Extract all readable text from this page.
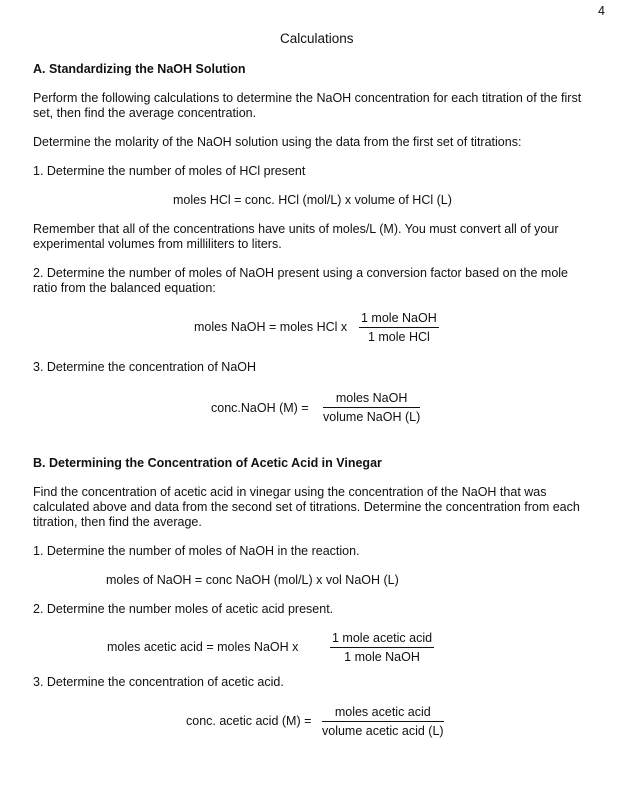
4
Calculations
A. Standardizing the NaOH Solution
Perform the following calculations to determine the NaOH concentration for each titration of the first set, then find the average concentration.
Determine the molarity of the NaOH solution using the data from the first set of titrations:
1. Determine the number of moles of HCl present
moles HCl = conc. HCl (mol/L) x volume of HCl (L)
Remember that all of the concentrations have units of moles/L (M). You must convert all of your experimental volumes from milliliters to liters.
2. Determine the number of moles of NaOH present using a conversion factor based on the mole ratio from the balanced equation:
moles NaOH = moles HCl x
1 mole NaOH
1 mole HCl
3. Determine the concentration of NaOH
conc.NaOH (M) =
moles NaOH
volume NaOH (L)
B. Determining the Concentration of Acetic Acid in Vinegar
Find the concentration of acetic acid in vinegar using the concentration of the NaOH that was calculated above and data from the second set of titrations. Determine the concentration from each titration, then find the average.
1. Determine the number of moles of NaOH in the reaction.
moles of NaOH = conc NaOH (mol/L) x vol NaOH (L)
2. Determine the number moles of acetic acid present.
moles acetic acid = moles NaOH x
1 mole acetic acid
1 mole NaOH
3. Determine the concentration of acetic acid.
conc. acetic acid (M) =
moles acetic acid
volume acetic acid (L)
